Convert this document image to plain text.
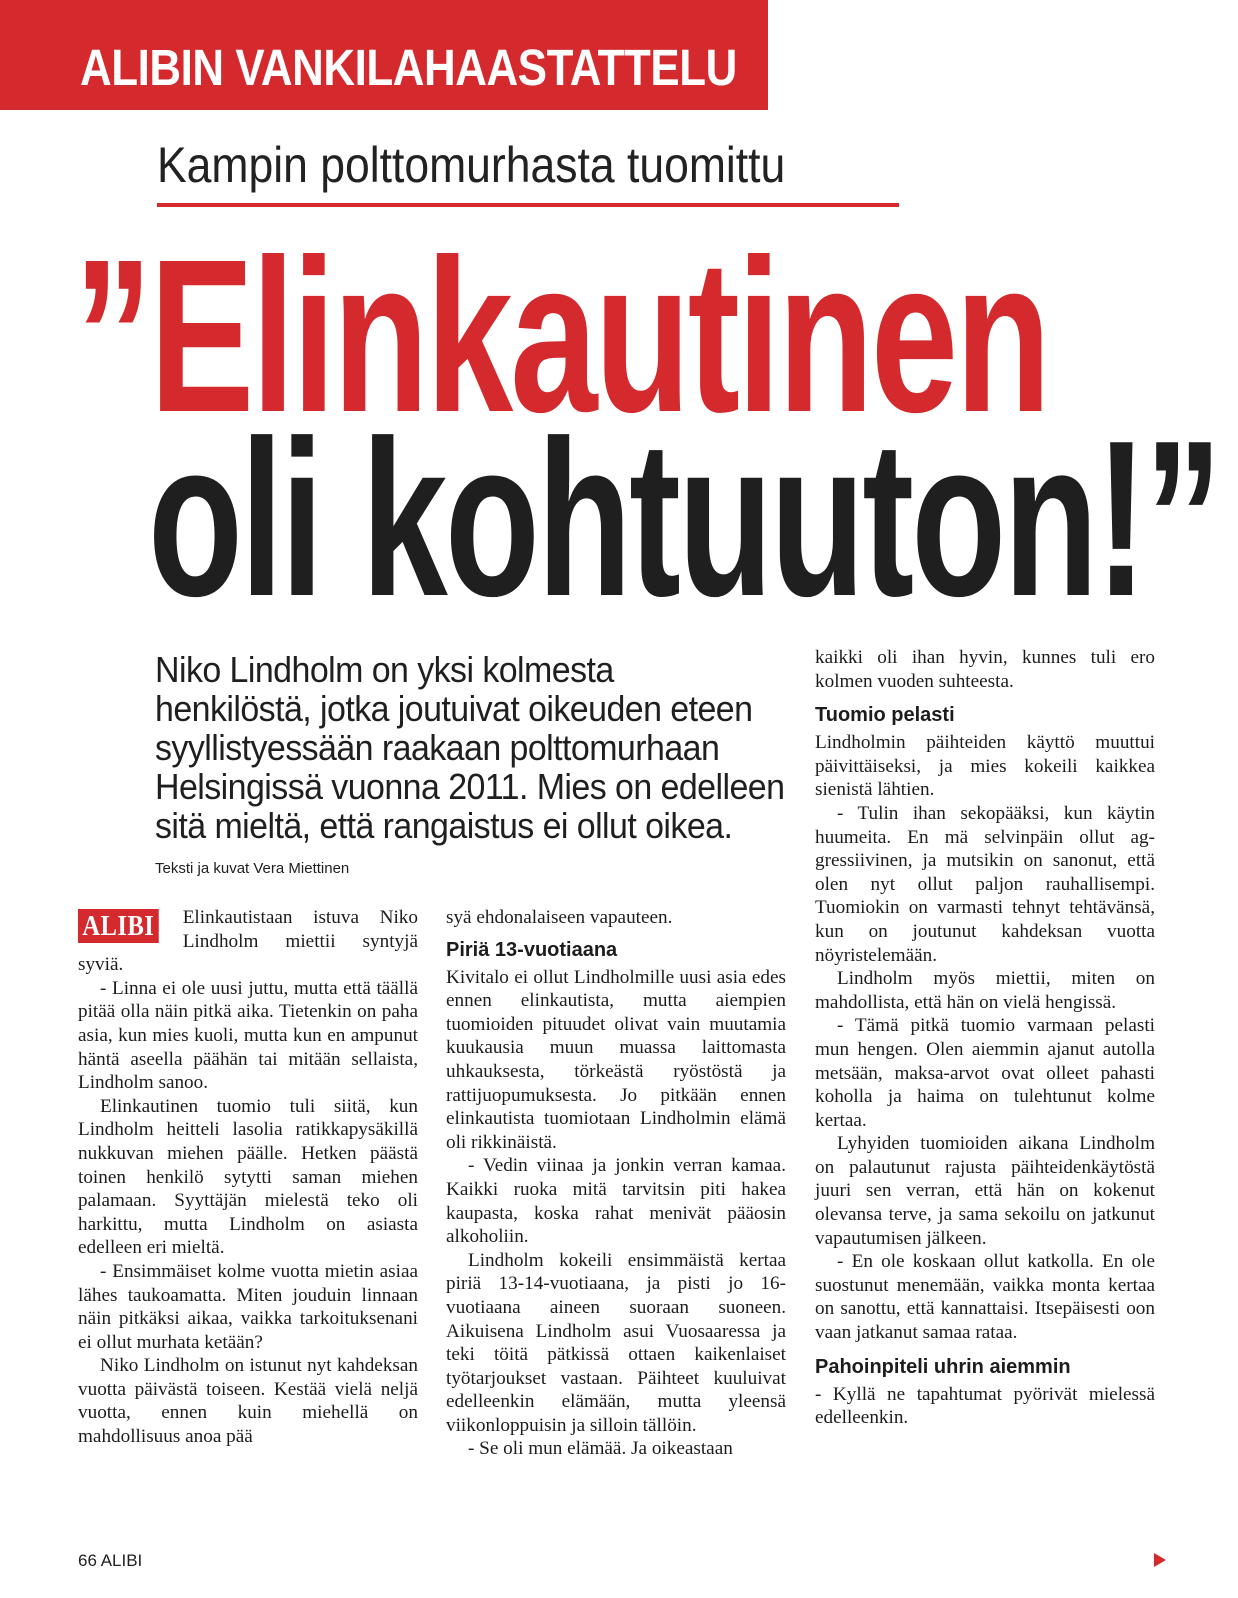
ALIBIN VANKILAHAASTATTELU
Kampin polttomurhasta tuomittu
”Elinkautinen
oli kohtuuton!”
Niko Lindholm on yksi kolmesta
henkilöstä, jotka joutuivat oikeuden eteen
syyllistyessään raakaan polttomurhaan
Helsingissä vuonna 2011. Mies on edelleen
sitä mieltä, että rangaistus ei ollut oikea.
Teksti ja kuvat Vera Miettinen
ALIBI	Elinkautistaan istuva Niko Lindholm miettii syntyjä syviä.

- Linna ei ole uusi juttu, mutta että täällä pitää olla näin pitkä aika. Tietenkin on paha asia, kun mies kuoli, mutta kun en ampunut häntä aseella päähän tai mitään sellaista, Lindholm sanoo.

Elinkautinen tuomio tuli siitä, kun Lindholm heitteli lasolia ratikkapysäkillä nukkuvan miehen päälle. Hetken päästä toinen henkilö sytytti saman miehen palamaan. Syyttäjän mielestä teko oli harkittu, mutta Lindholm on asiasta edelleen eri mieltä.

- Ensimmäiset kolme vuotta mietin asiaa lähes taukoamatta. Miten jouduin linnaan näin pitkäksi aikaa, vaikka tarkoituksenani ei ollut murhata ketään?

Niko Lindholm on istunut nyt kahdeksan vuotta päivästä toiseen. Kestää vielä neljä vuotta, ennen kuin miehellä on mahdollisuus anoa pää

syä ehdonalaiseen vapauteen.

Piriä 13-vuotiaana

Kivitalo ei ollut Lindholmille uusi asia edes ennen elinkautista, mutta aiempien tuomioiden pituudet olivat vain muutamia kuukausia muun muassa laittomasta uhkauksesta, törkeästä ryöstöstä ja rattijuopumuksesta. Jo pitkään ennen elinkautista tuomiotaan Lindholmin elämä oli rikkinäistä.

- Vedin viinaa ja jonkin verran kamaa. Kaikki ruoka mitä tarvitsin piti hakea kaupasta, koska rahat menivät pääosin alkoholiin.

Lindholm kokeili ensimmäistä kertaa piriä 13-14-vuotiaana, ja pisti jo 16-vuotiaana aineen suoraan suoneen. Aikuisena Lindholm asui Vuosaaressa ja teki töitä pätkissä ottaen kaikenlaiset työtarjoukset vastaan. Päihteet kuuluivat edelleenkin elämään, mutta yleensä viikonloppuisin ja silloin tällöin.

- Se oli mun elämää. Ja oikeastaan

kaikki oli ihan hyvin, kunnes tuli ero kolmen vuoden suhteesta.

Tuomio pelasti

Lindholmin päihteiden käyttö muuttui päivittäiseksi, ja mies kokeili kaikkea sienistä lähtien.

- Tulin ihan sekopääksi, kun käytin huumeita. En mä selvinpäin ollut aggressiivinen, ja mutsikin on sanonut, että olen nyt ollut paljon rauhallisempi. Tuomiokin on varmasti tehnyt tehtävänsä, kun on joutunut kahdeksan vuotta nöyristelemään.

Lindholm myös miettii, miten on mahdollista, että hän on vielä hengissä.

- Tämä pitkä tuomio varmaan pelasti mun hengen. Olen aiemmin ajanut autolla metsään, maksa-arvot ovat olleet pahasti koholla ja haima on tulehtunut kolme kertaa.

Lyhyiden tuomioiden aikana Lindholm on palautunut rajusta päihteidenkäytöstä juuri sen verran, että hän on kokenut olevansa terve, ja sama sekoilu on jatkunut vapautumisen jälkeen.

- En ole koskaan ollut katkolla. En ole suostunut menemään, vaikka monta kertaa on sanottu, että kannattaisi. Itsepäisesti oon vaan jatkanut samaa rataa.

Pahoinpiteli uhrin aiemmin

- Kyllä ne tapahtumat pyörivät mielessä edelleenkin.

66 ALIBI
